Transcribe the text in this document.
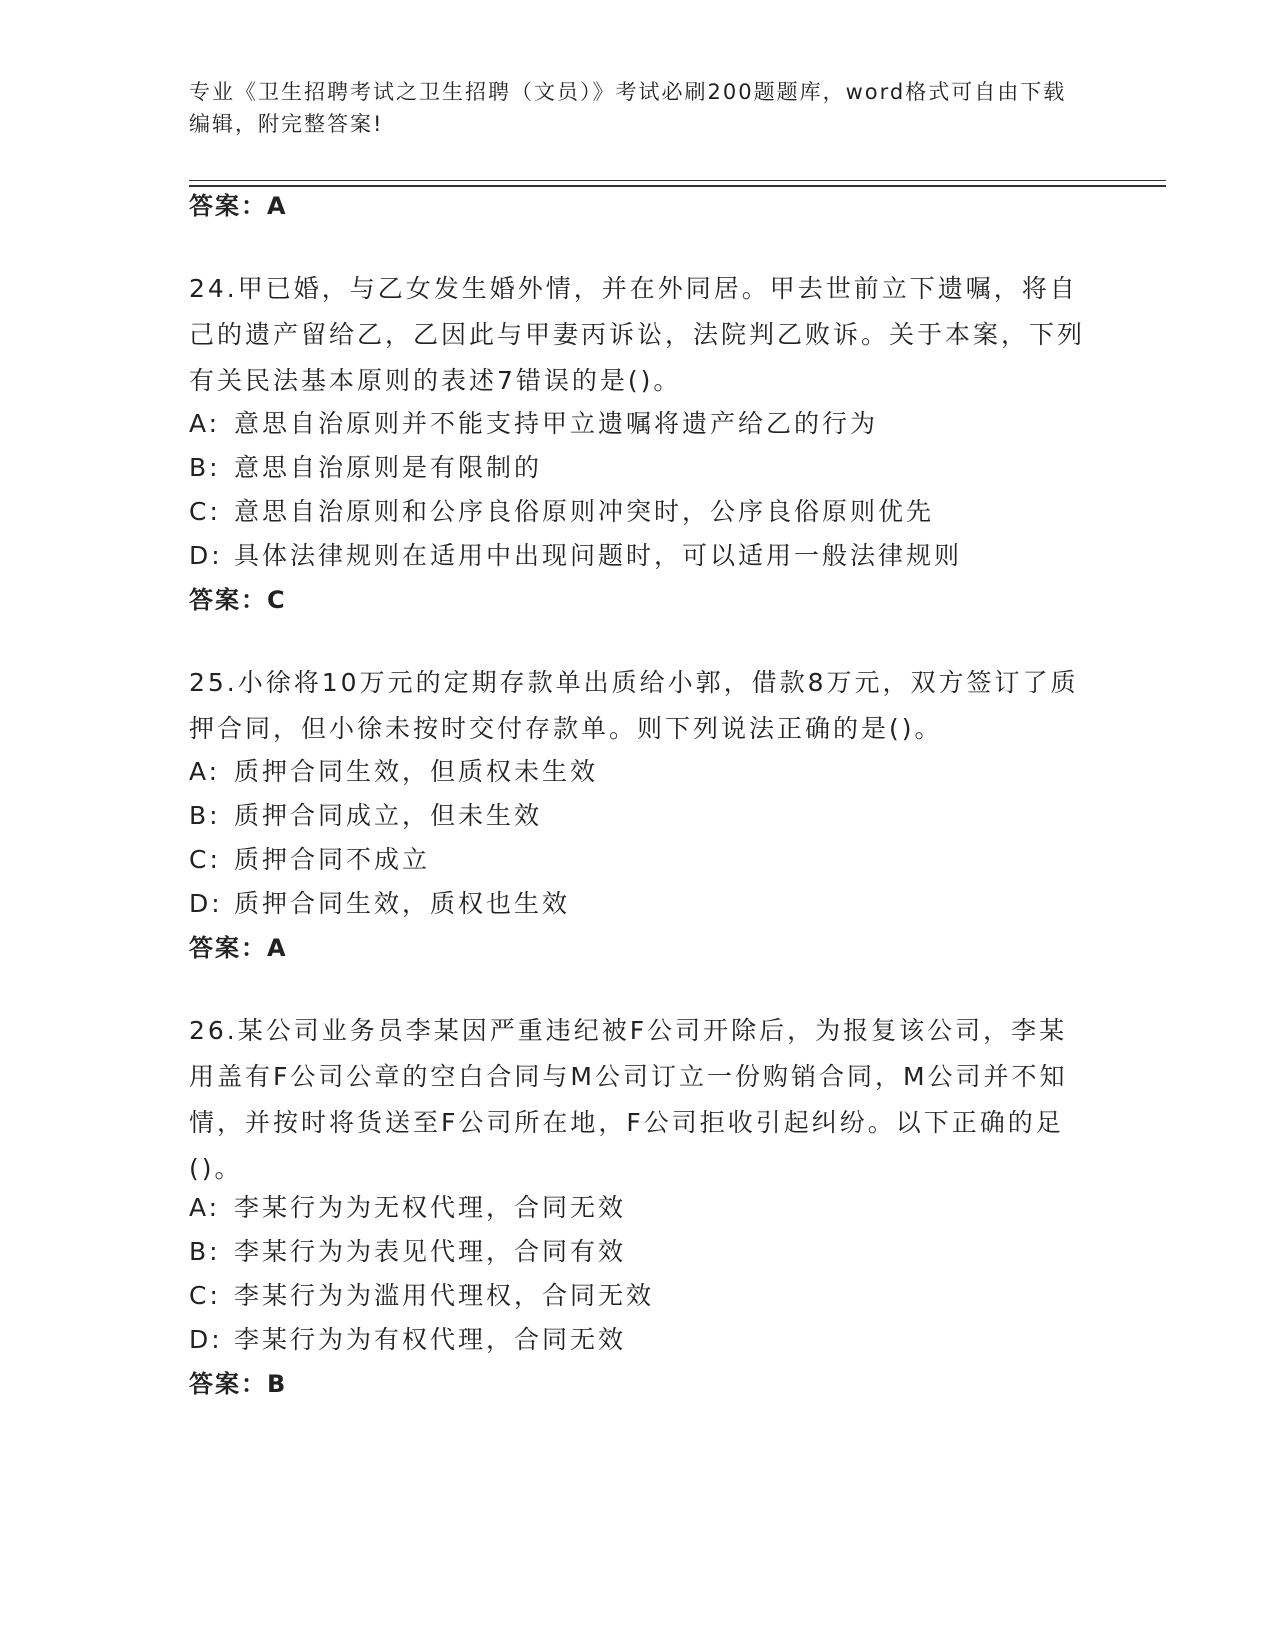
专业《卫生招聘考试之卫生招聘（文员）》考试必刷200题题库，word格式可自由下载编辑，附完整答案!
答案：A
24.甲已婚，与乙女发生婚外情，并在外同居。甲去世前立下遗嘱，将自己的遗产留给乙，乙因此与甲妻丙诉讼，法院判乙败诉。关于本案，下列有关民法基本原则的表述7错误的是()。
A: 意思自治原则并不能支持甲立遗嘱将遗产给乙的行为
B: 意思自治原则是有限制的
C: 意思自治原则和公序良俗原则冲突时，公序良俗原则优先
D: 具体法律规则在适用中出现问题时，可以适用一般法律规则
答案：C
25.小徐将10万元的定期存款单出质给小郭，借款8万元，双方签订了质押合同，但小徐未按时交付存款单。则下列说法正确的是()。
A: 质押合同生效，但质权未生效
B: 质押合同成立，但未生效
C: 质押合同不成立
D: 质押合同生效，质权也生效
答案：A
26.某公司业务员李某因严重违纪被F公司开除后，为报复该公司，李某用盖有F公司公章的空白合同与M公司订立一份购销合同，M公司并不知情，并按时将货送至F公司所在地，F公司拒收引起纠纷。以下正确的足()。
A: 李某行为为无权代理，合同无效
B: 李某行为为表见代理，合同有效
C: 李某行为为滥用代理权，合同无效
D: 李某行为为有权代理，合同无效
答案：B
